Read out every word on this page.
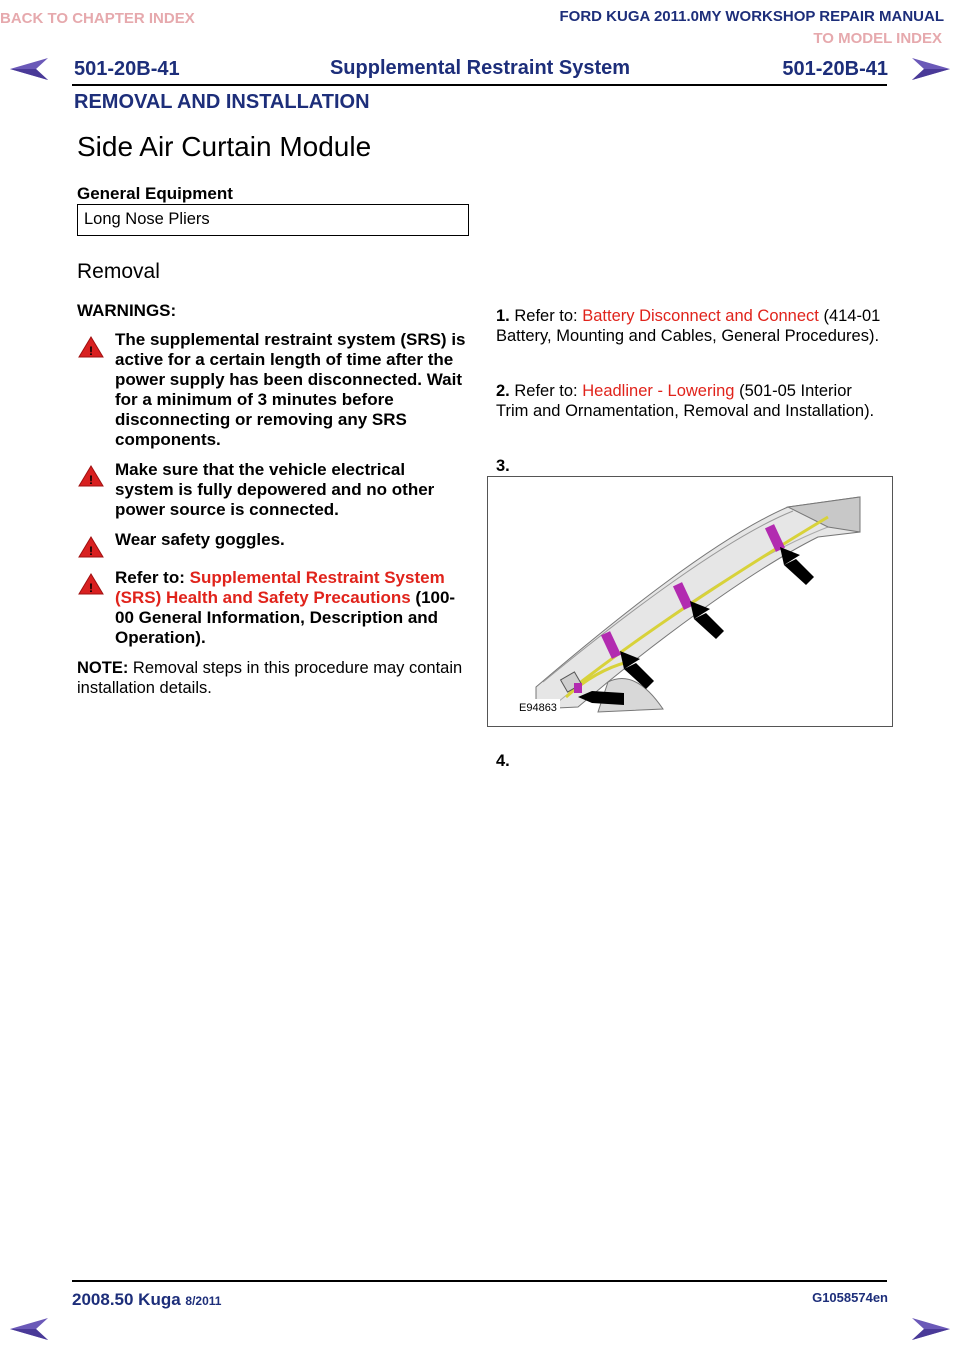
BACK TO CHAPTER INDEX	FORD KUGA 2011.0MY WORKSHOP REPAIR MANUAL
TO MODEL INDEX
501-20B-41	Supplemental Restraint System	501-20B-41
REMOVAL AND INSTALLATION
Side Air Curtain Module
General Equipment
Long Nose Pliers
Removal
WARNINGS:
!
The supplemental restraint system (SRS) is active for a certain length of time after the power supply has been disconnected. Wait for a minimum of 3 minutes before disconnecting or removing any SRS components.
!
Make sure that the vehicle electrical system is fully depowered and no other power source is connected.
!
Wear safety goggles.
!
Refer to: Supplemental Restraint System (SRS) Health and Safety Precautions (100-00 General Information, Description and Operation).
NOTE: Removal steps in this procedure may contain installation details.
1. Refer to: Battery Disconnect and Connect (414-01 Battery, Mounting and Cables, General Procedures).
2. Refer to: Headliner - Lowering (501-05 Interior Trim and Ornamentation, Removal and Installation).
3.
E94863
4.
2008.50 Kuga 8/2011	G1058574en
